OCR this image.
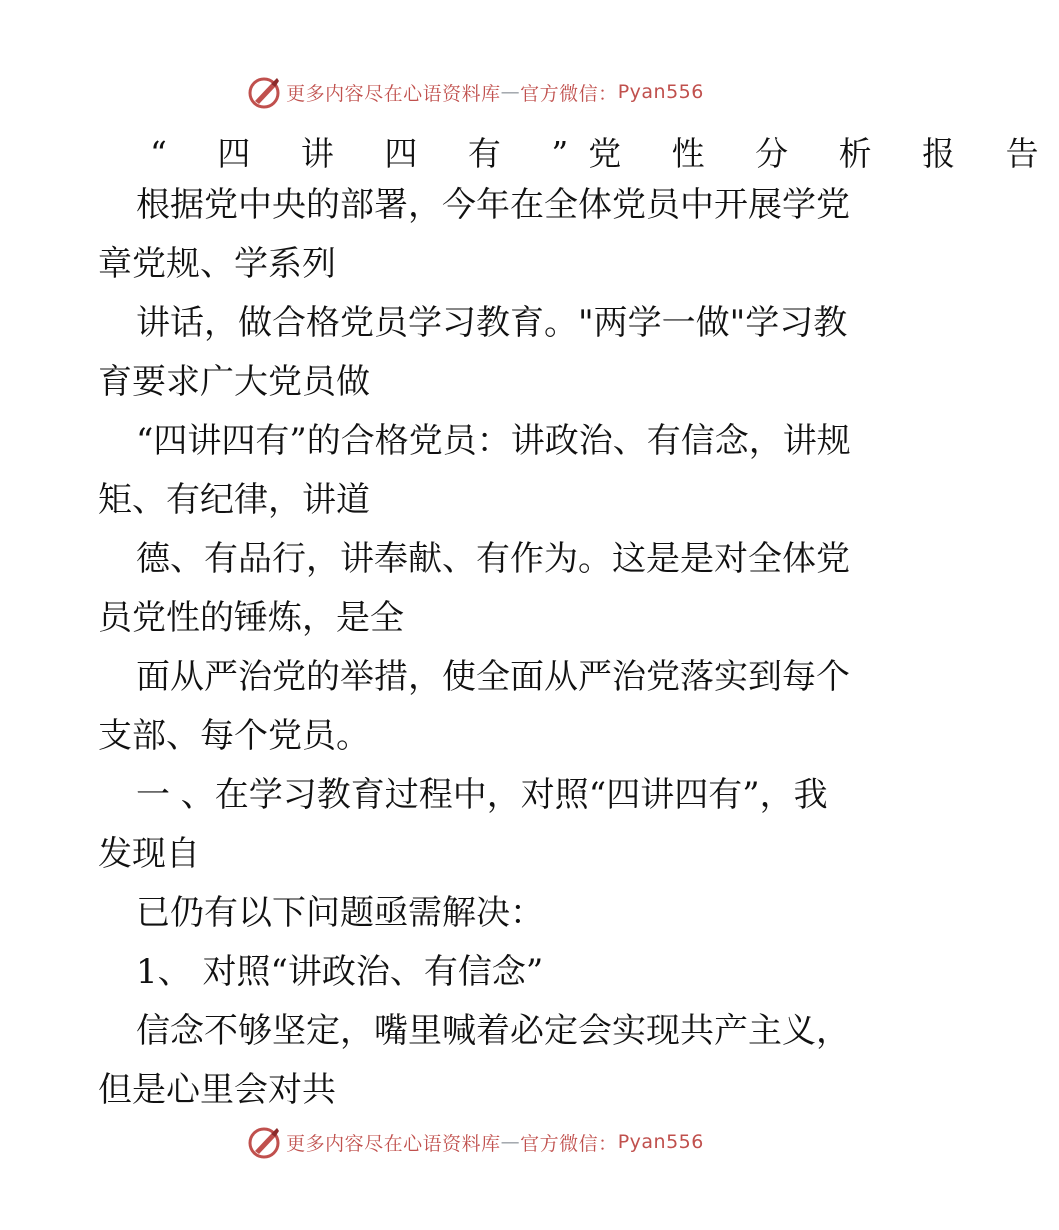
更多内容尽在心语资料库 — 官方微信： Pyan556
“ 四 讲 四 有 ”党 性 分 析 报 告

根据党中央的部署，今年在全体党员中开展学党章党规、学系列

讲话，做合格党员学习教育。"两学一做"学习教育要求广大党员做

“四讲四有”的合格党员：讲政治、有信念，讲规矩、有纪律，讲道

德、有品行，讲奉献、有作为。这是是对全体党员党性的锤炼，是全

面从严治党的举措，使全面从严治党落实到每个支部、每个党员。

一 、在学习教育过程中，对照“四讲四有”，我发现自

已仍有以下问题亟需解决：

1、 对照“讲政治、有信念”

信念不够坚定，嘴里喊着必定会实现共产主义，但是心里会对共

更多内容尽在心语资料库 — 官方微信： Pyan556
